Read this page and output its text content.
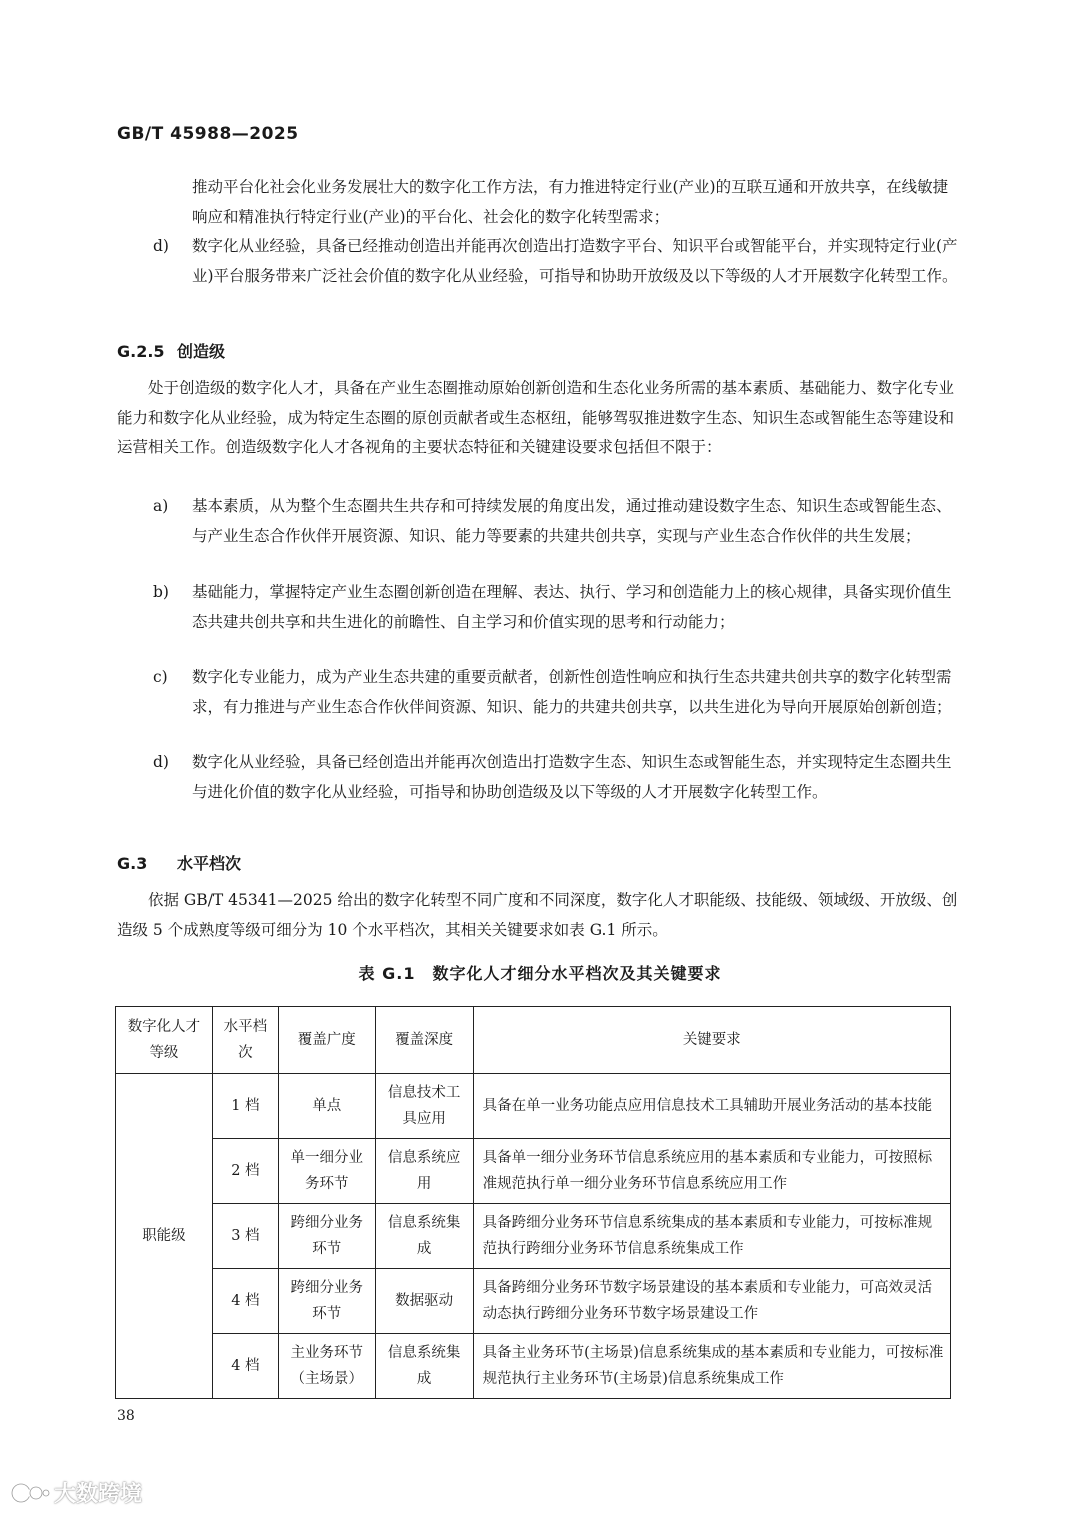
GB/T 45988—2025
推动平台化社会化业务发展壮大的数字化工作方法，有力推进特定行业(产业)的互联互通和开放共享，在线敏捷响应和精准执行特定行业(产业)的平台化、社会化的数字化转型需求；
d)	数字化从业经验，具备已经推动创造出并能再次创造出打造数字平台、知识平台或智能平台，并实现特定行业(产业)平台服务带来广泛社会价值的数字化从业经验，可指导和协助开放级及以下等级的人才开展数字化转型工作。
G.2.5 创造级
处于创造级的数字化人才，具备在产业生态圈推动原始创新创造和生态化业务所需的基本素质、基础能力、数字化专业能力和数字化从业经验，成为特定生态圈的原创贡献者或生态枢纽，能够驾驭推进数字生态、知识生态或智能生态等建设和运营相关工作。创造级数字化人才各视角的主要状态特征和关键建设要求包括但不限于：
a)	基本素质，从为整个生态圈共生共存和可持续发展的角度出发，通过推动建设数字生态、知识生态或智能生态、与产业生态合作伙伴开展资源、知识、能力等要素的共建共创共享，实现与产业生态合作伙伴的共生发展；
b)	基础能力，掌握特定产业生态圈创新创造在理解、表达、执行、学习和创造能力上的核心规律，具备实现价值生态共建共创共享和共生进化的前瞻性、自主学习和价值实现的思考和行动能力；
c)	数字化专业能力，成为产业生态共建的重要贡献者，创新性创造性响应和执行生态共建共创共享的数字化转型需求，有力推进与产业生态合作伙伴间资源、知识、能力的共建共创共享，以共生进化为导向开展原始创新创造；
d)	数字化从业经验，具备已经创造出并能再次创造出打造数字生态、知识生态或智能生态，并实现特定生态圈共生与进化价值的数字化从业经验，可指导和协助创造级及以下等级的人才开展数字化转型工作。
G.3 水平档次
依据 GB/T 45341—2025 给出的数字化转型不同广度和不同深度，数字化人才职能级、技能级、领域级、开放级、创造级 5 个成熟度等级可细分为 10 个水平档次，其相关关键要求如表 G.1 所示。
表 G.1　数字化人才细分水平档次及其关键要求
数字化人才等级	水平档次	覆盖广度	覆盖深度	关键要求
职能级	1 档	单点	信息技术工具应用	具备在单一业务功能点应用信息技术工具辅助开展业务活动的基本技能
	2 档	单一细分业务环节	信息系统应用	具备单一细分业务环节信息系统应用的基本素质和专业能力，可按照标准规范执行单一细分业务环节信息系统应用工作
	3 档	跨细分业务环节	信息系统集成	具备跨细分业务环节信息系统集成的基本素质和专业能力，可按标准规范执行跨细分业务环节信息系统集成工作
	4 档	跨细分业务环节	数据驱动	具备跨细分业务环节数字场景建设的基本素质和专业能力，可高效灵活动态执行跨细分业务环节数字场景建设工作
	4 档	主业务环节（主场景）	信息系统集成	具备主业务环节(主场景)信息系统集成的基本素质和专业能力，可按标准规范执行主业务环节(主场景)信息系统集成工作
38
大数跨境
